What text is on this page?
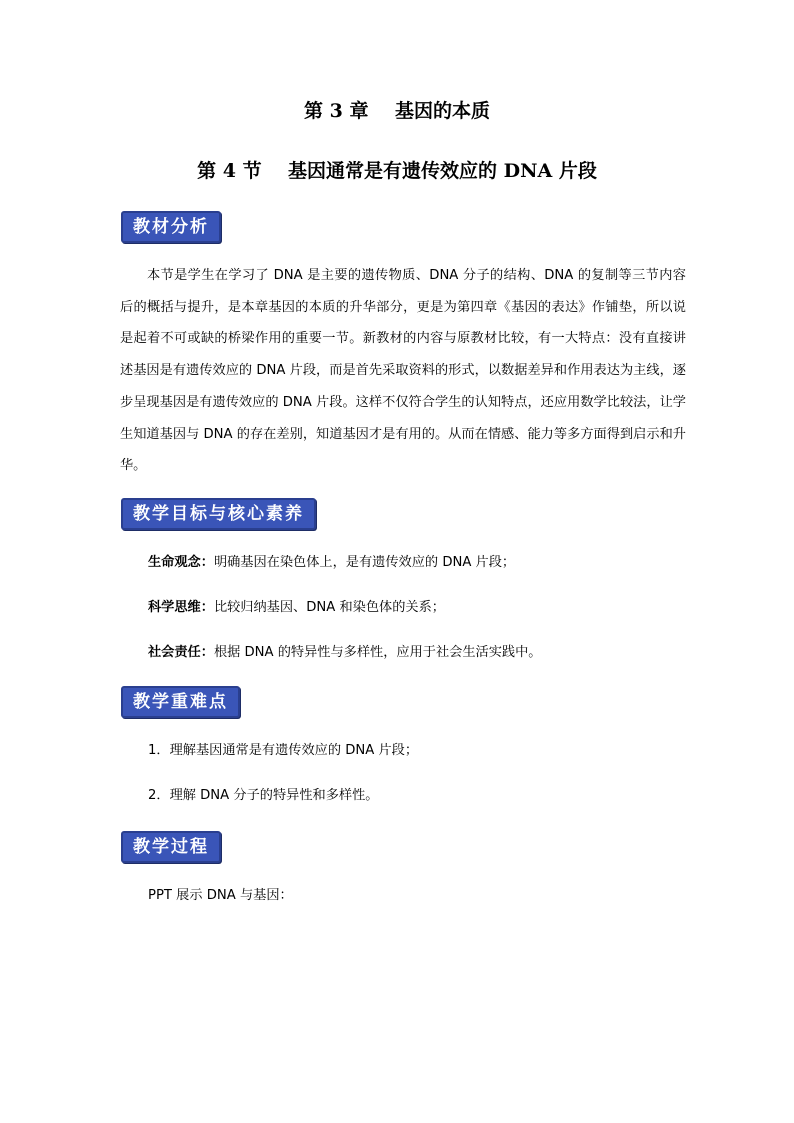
第 3 章    基因的本质
第 4 节    基因通常是有遗传效应的 DNA 片段
教材分析
本节是学生在学习了 DNA 是主要的遗传物质、DNA 分子的结构、DNA 的复制等三节内容后的概括与提升，是本章基因的本质的升华部分，更是为第四章《基因的表达》作铺垫，所以说是起着不可或缺的桥梁作用的重要一节。新教材的内容与原教材比较，有一大特点：没有直接讲述基因是有遗传效应的 DNA 片段，而是首先采取资料的形式，以数据差异和作用表达为主线，逐步呈现基因是有遗传效应的 DNA 片段。这样不仅符合学生的认知特点，还应用数学比较法，让学生知道基因与 DNA 的存在差别，知道基因才是有用的。从而在情感、能力等多方面得到启示和升华。
教学目标与核心素养
生命观念：明确基因在染色体上，是有遗传效应的 DNA 片段；
科学思维：比较归纳基因、DNA 和染色体的关系；
社会责任：根据 DNA 的特异性与多样性，应用于社会生活实践中。
教学重难点
1．理解基因通常是有遗传效应的 DNA 片段；
2．理解 DNA 分子的特异性和多样性。
教学过程
PPT 展示 DNA 与基因：
